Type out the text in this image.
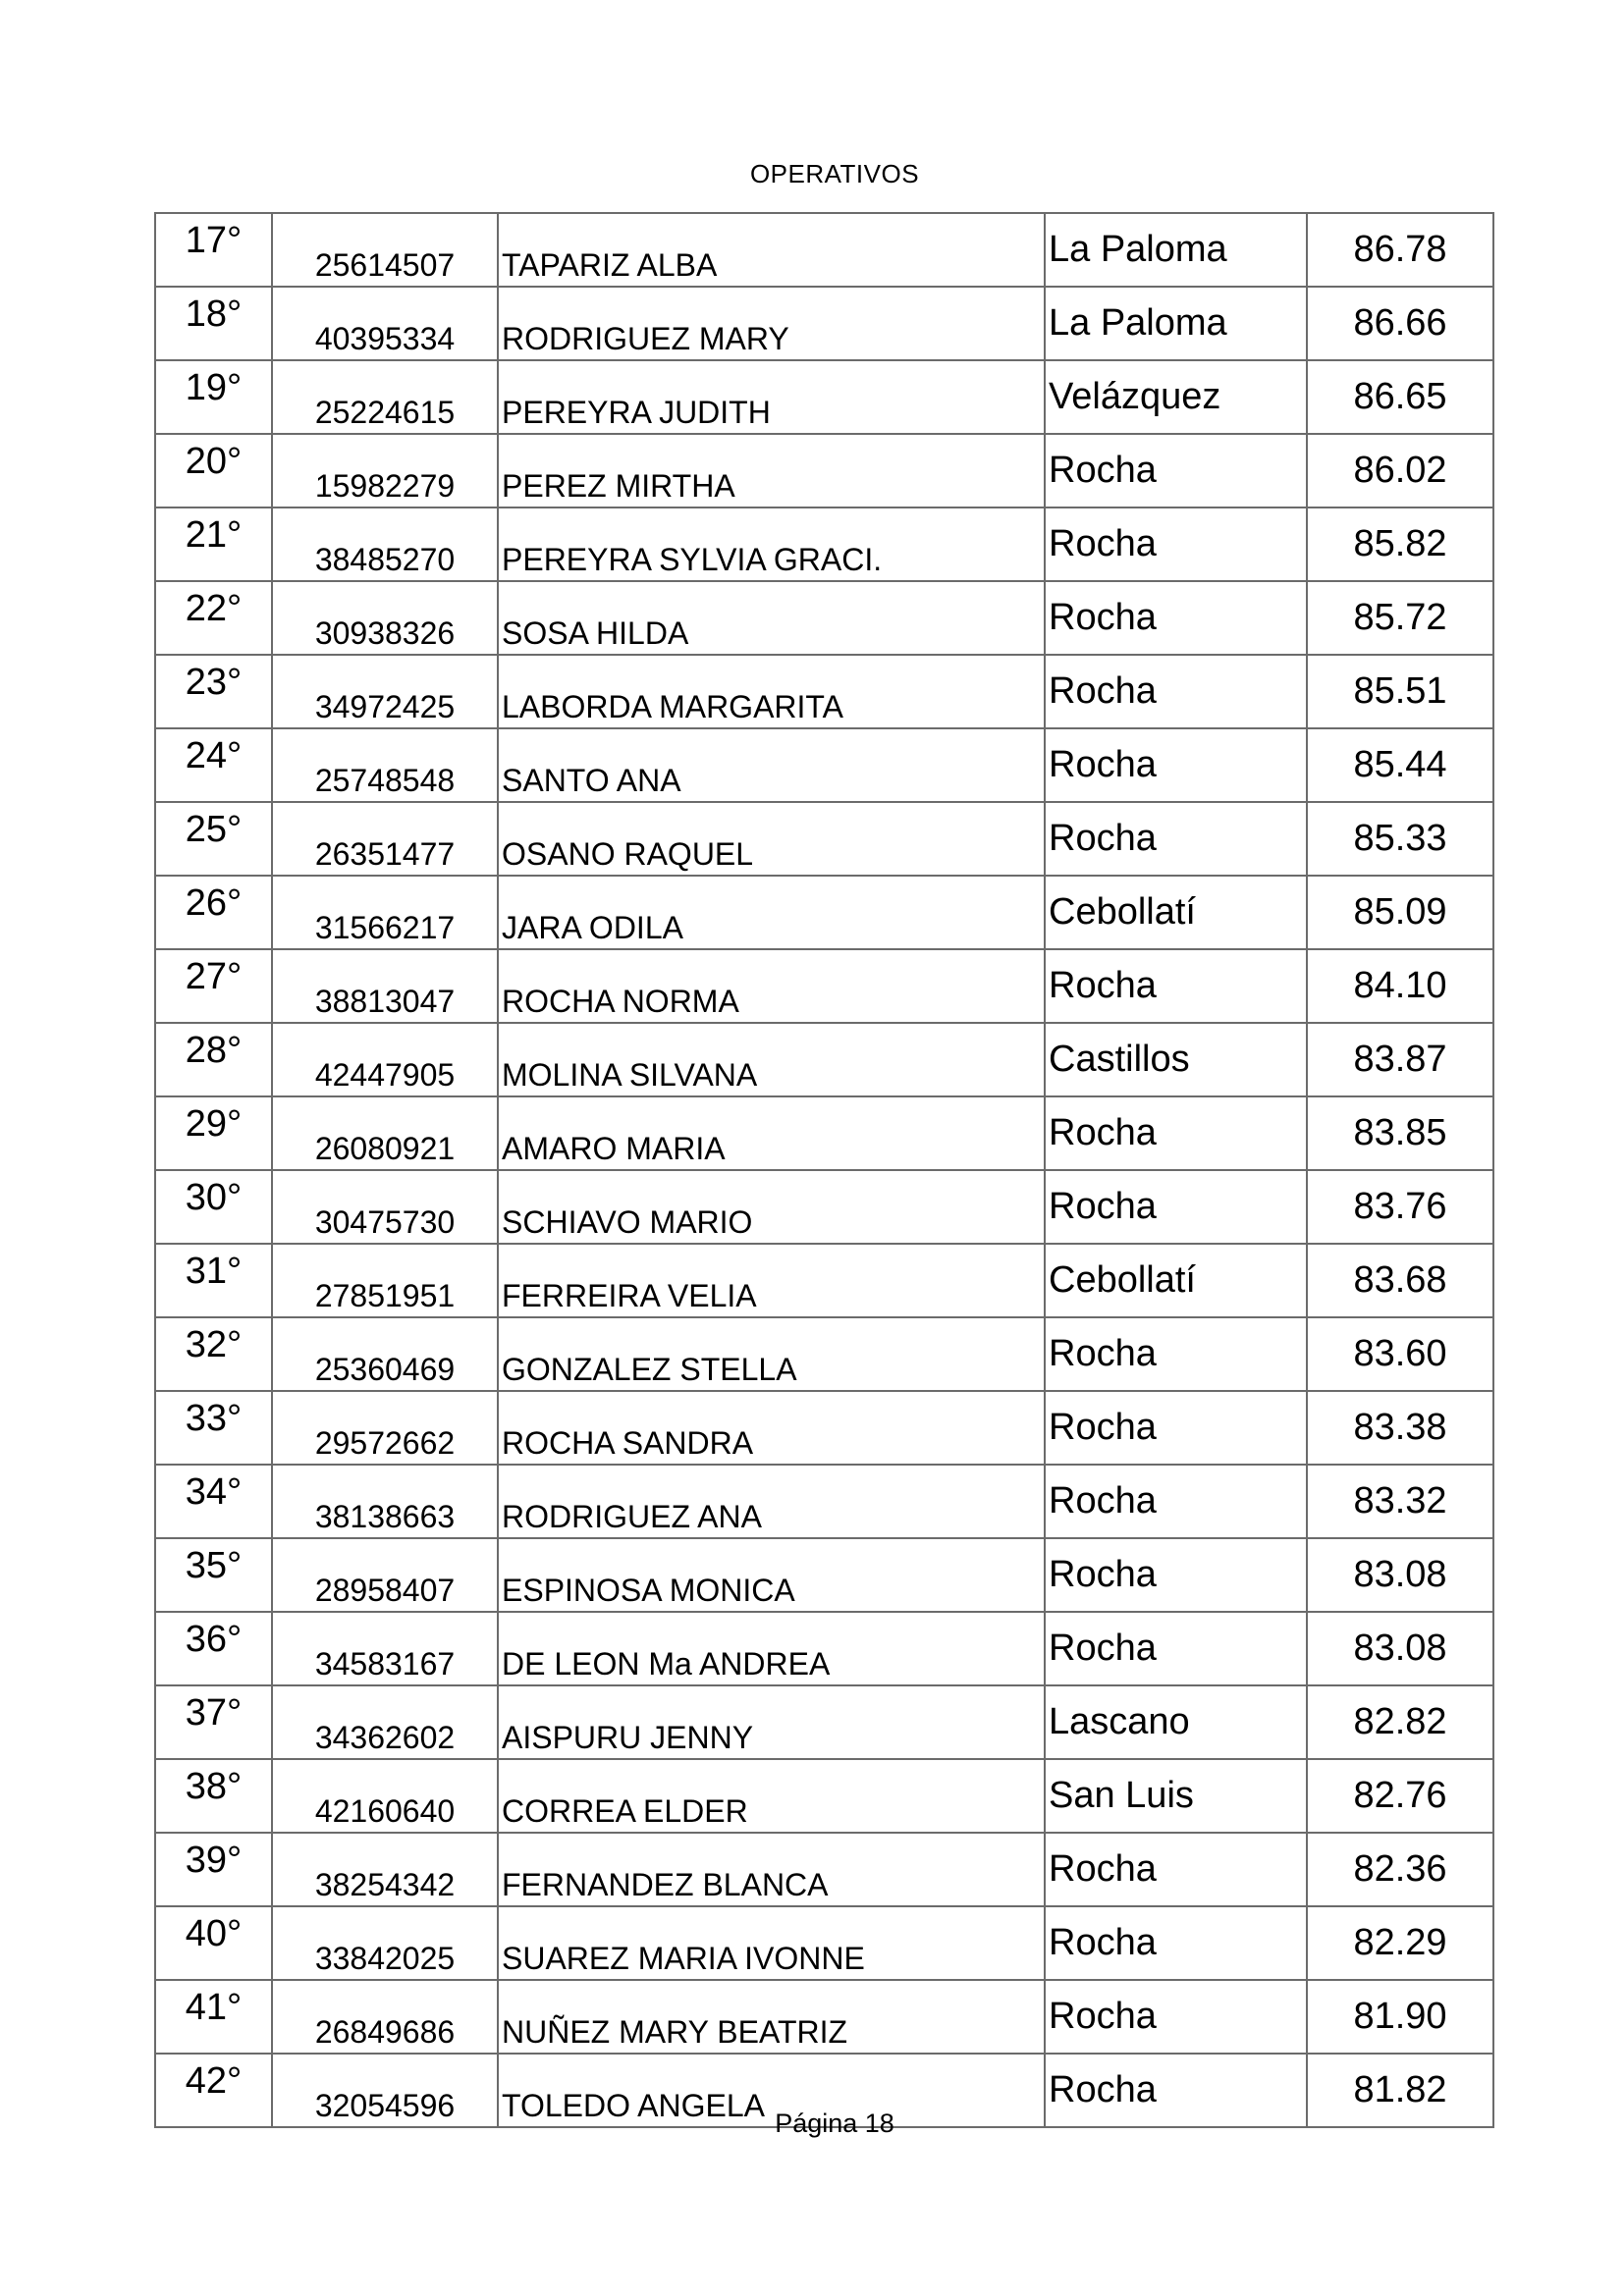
OPERATIVOS
17°	25614507	TAPARIZ ALBA	La Paloma	86.78
18°	40395334	RODRIGUEZ MARY	La Paloma	86.66
19°	25224615	PEREYRA JUDITH	Velázquez	86.65
20°	15982279	PEREZ MIRTHA	Rocha	86.02
21°	38485270	PEREYRA SYLVIA GRACI.	Rocha	85.82
22°	30938326	SOSA HILDA	Rocha	85.72
23°	34972425	LABORDA MARGARITA	Rocha	85.51
24°	25748548	SANTO ANA	Rocha	85.44
25°	26351477	OSANO RAQUEL	Rocha	85.33
26°	31566217	JARA ODILA	Cebollatí	85.09
27°	38813047	ROCHA NORMA	Rocha	84.10
28°	42447905	MOLINA SILVANA	Castillos	83.87
29°	26080921	AMARO MARIA	Rocha	83.85
30°	30475730	SCHIAVO MARIO	Rocha	83.76
31°	27851951	FERREIRA VELIA	Cebollatí	83.68
32°	25360469	GONZALEZ STELLA	Rocha	83.60
33°	29572662	ROCHA SANDRA	Rocha	83.38
34°	38138663	RODRIGUEZ ANA	Rocha	83.32
35°	28958407	ESPINOSA MONICA	Rocha	83.08
36°	34583167	DE LEON Ma ANDREA	Rocha	83.08
37°	34362602	AISPURU JENNY	Lascano	82.82
38°	42160640	CORREA ELDER	San Luis	82.76
39°	38254342	FERNANDEZ BLANCA	Rocha	82.36
40°	33842025	SUAREZ MARIA IVONNE	Rocha	82.29
41°	26849686	NUÑEZ MARY BEATRIZ	Rocha	81.90
42°	32054596	TOLEDO ANGELA	Rocha	81.82
Página 18
